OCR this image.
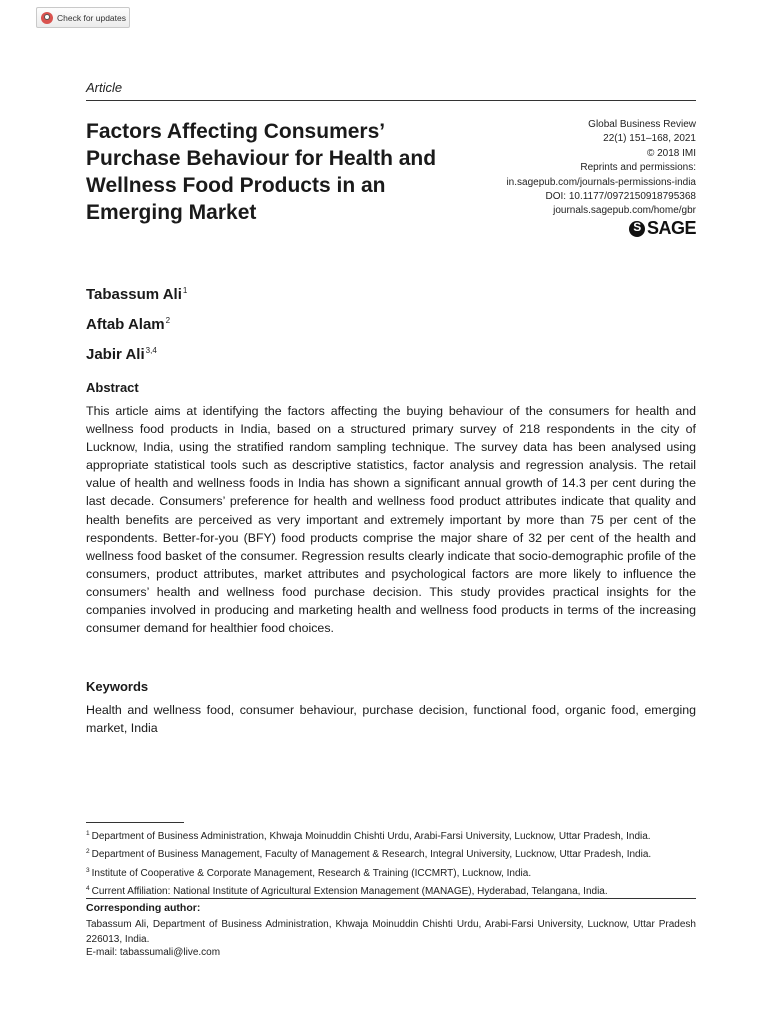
Check for updates
Article
Factors Affecting Consumers’ Purchase Behaviour for Health and Wellness Food Products in an Emerging Market
Global Business Review
22(1) 151–168, 2021
© 2018 IMI
Reprints and permissions:
in.sagepub.com/journals-permissions-india
DOI: 10.1177/0972150918795368
journals.sagepub.com/home/gbr
S
SAGE
Tabassum Ali$^1$
Aftab Alam$^2$
Jabir Ali$^{3,4}$
Abstract

This article aims at identifying the factors affecting the buying behaviour of the consumers for health and wellness food products in India, based on a structured primary survey of 218 respondents in the city of Lucknow, India, using the stratified random sampling technique. The survey data has been analysed using appropriate statistical tools such as descriptive statistics, factor analysis and regression analysis. The retail value of health and wellness foods in India has shown a significant annual growth of 14.3 per cent during the last decade. Consumers’ preference for health and wellness food product attributes indicate that quality and health benefits are perceived as very important and extremely important by more than 75 per cent of the respondents. Better-for-you (BFY) food products comprise the major share of 32 per cent of the health and wellness food basket of the consumer. Regression results clearly indicate that socio-demographic profile of the consumers, product attributes, market attributes and psychological factors are more likely to influence the consumers’ health and wellness food purchase decision. This study provides practical insights for the companies involved in producing and marketing health and wellness food products in terms of the increasing consumer demand for healthier food choices.

Keywords

Health and wellness food, consumer behaviour, purchase decision, functional food, organic food, emerging market, India

$^1$ Department of Business Administration, Khwaja Moinuddin Chishti Urdu, Arabi-Farsi University, Lucknow, Uttar Pradesh, India.
$^2$ Department of Business Management, Faculty of Management & Research, Integral University, Lucknow, Uttar Pradesh, India.
$^3$ Institute of Cooperative & Corporate Management, Research & Training (ICCMRT), Lucknow, India.
$^4$ Current Affiliation: National Institute of Agricultural Extension Management (MANAGE), Hyderabad, Telangana, India.
Corresponding author:

Tabassum Ali, Department of Business Administration, Khwaja Moinuddin Chishti Urdu, Arabi-Farsi University, Lucknow, Uttar Pradesh 226013, India.

E-mail: tabassumali@live.com
